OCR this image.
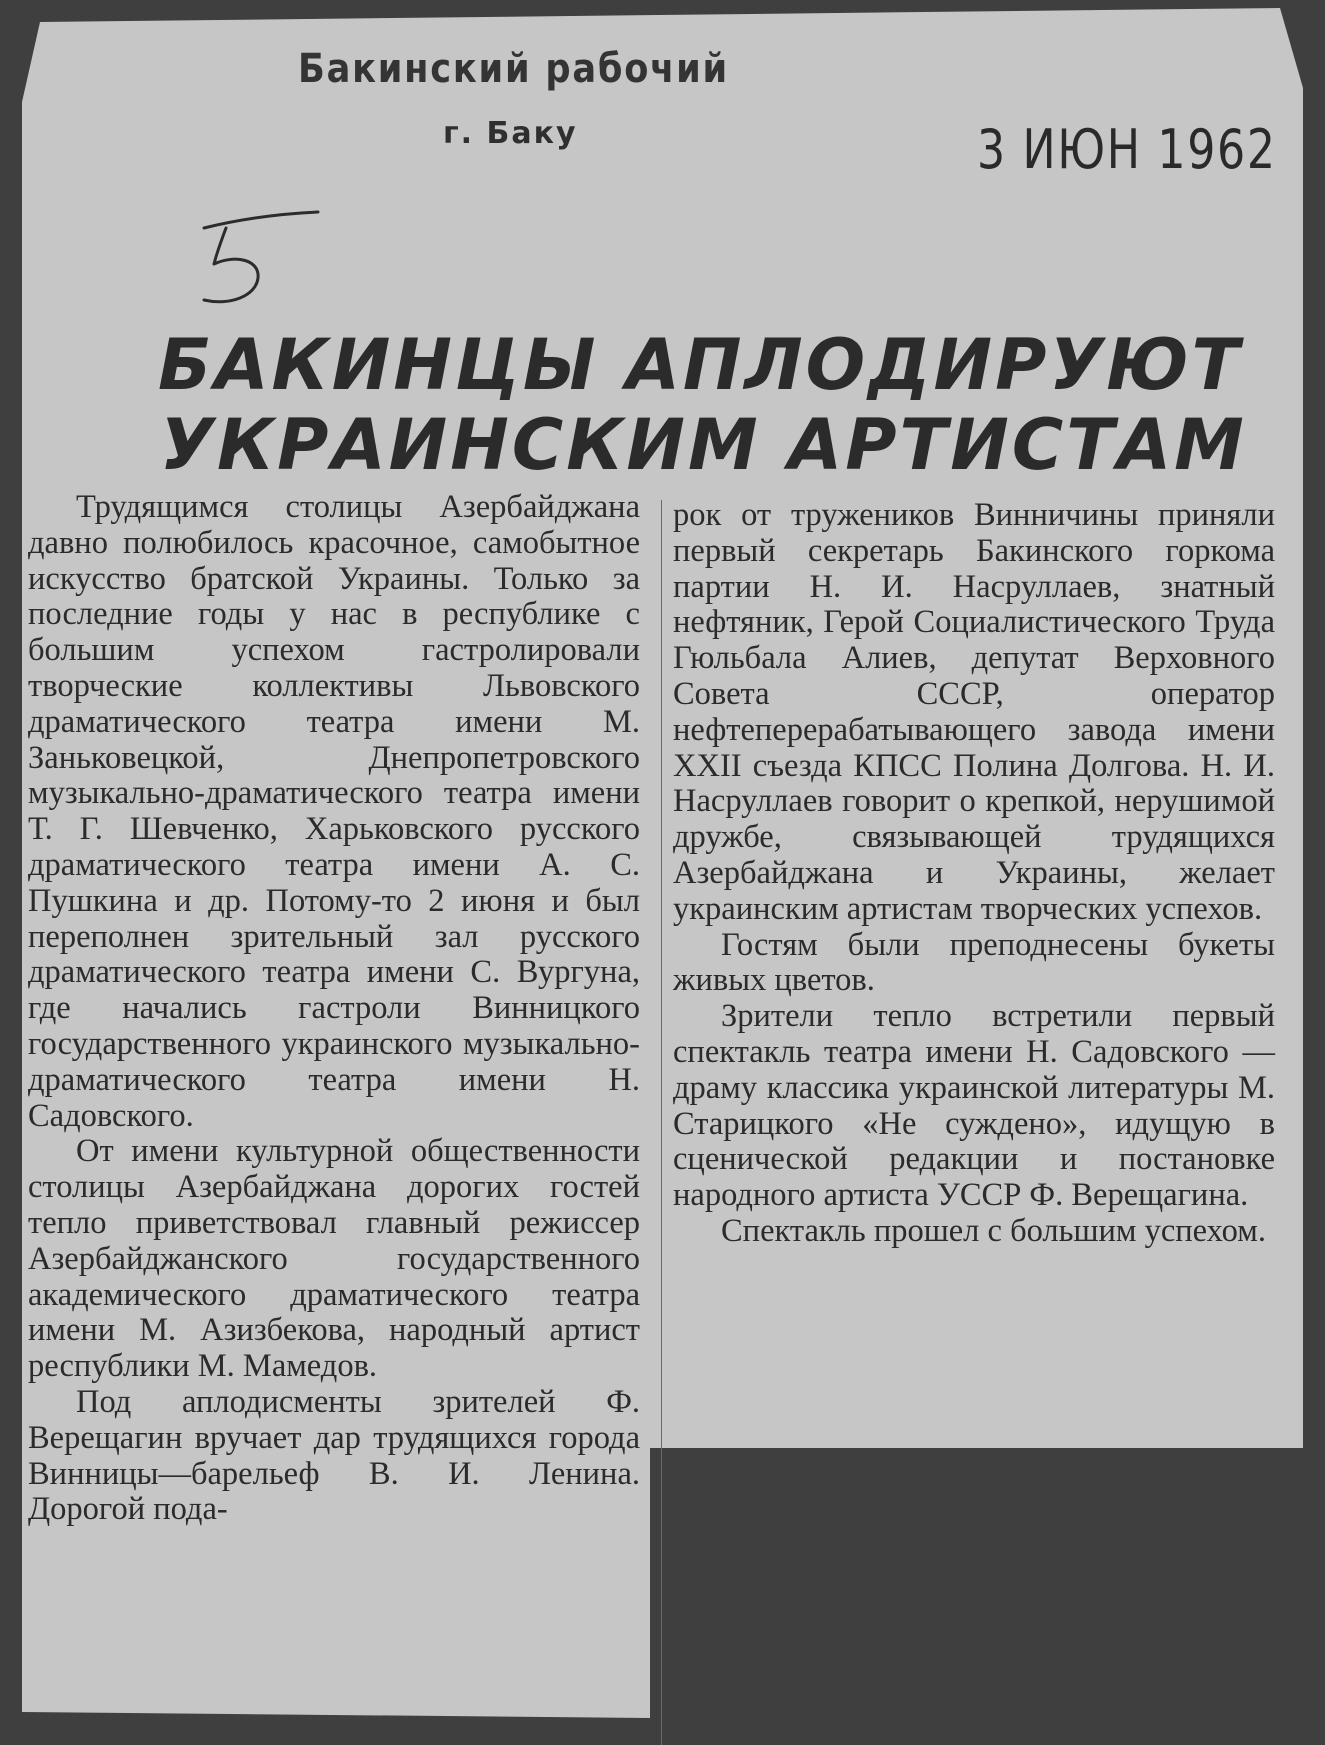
Бакинский рабочий
г. Баку	3 ИЮН 1962
БАКИНЦЫ АПЛОДИРУЮТ
УКРАИНСКИМ АРТИСТАМ

Трудящимся столицы Азербайджана давно полюбилось красочное, самобытное искусство братской Украины. Только за последние годы у нас в республике с большим успехом гастролировали творческие коллективы Львовского драматического театра имени М. Заньковецкой, Днепропетровского музыкально-драматического театра имени Т. Г. Шевченко, Харьковского русского драматического театра имени А. С. Пушкина и др. Потому-то 2 июня и был переполнен зрительный зал русского драматического театра имени С. Вургуна, где начались гастроли Винницкого государственного украинского музыкально-драматического театра имени Н. Садовского.

От имени культурной общественности столицы Азербайджана дорогих гостей тепло приветствовал главный режиссер Азербайджанского государственного академического драматического театра имени М. Азизбекова, народный артист республики М. Мамедов.

Под аплодисменты зрителей Ф. Верещагин вручает дар трудящихся города Винницы—барельеф В. И. Ленина. Дорогой пода-

рок от тружеников Винничины приняли первый секретарь Бакинского горкома партии Н. И. Насруллаев, знатный нефтяник, Герой Социалистического Труда Гюльбала Алиев, депутат Верховного Совета СССР, оператор нефтеперерабатывающего завода имени XXII съезда КПСС Полина Долгова. Н. И. Насруллаев говорит о крепкой, нерушимой дружбе, связывающей трудящихся Азербайджана и Украины, желает украинским артистам творческих успехов.

Гостям были преподнесены букеты живых цветов.

Зрители тепло встретили первый спектакль театра имени Н. Садовского — драму классика украинской литературы М. Старицкого «Не суждено», идущую в сценической редакции и постановке народного артиста УССР Ф. Верещагина.

Спектакль прошел с большим успехом.
